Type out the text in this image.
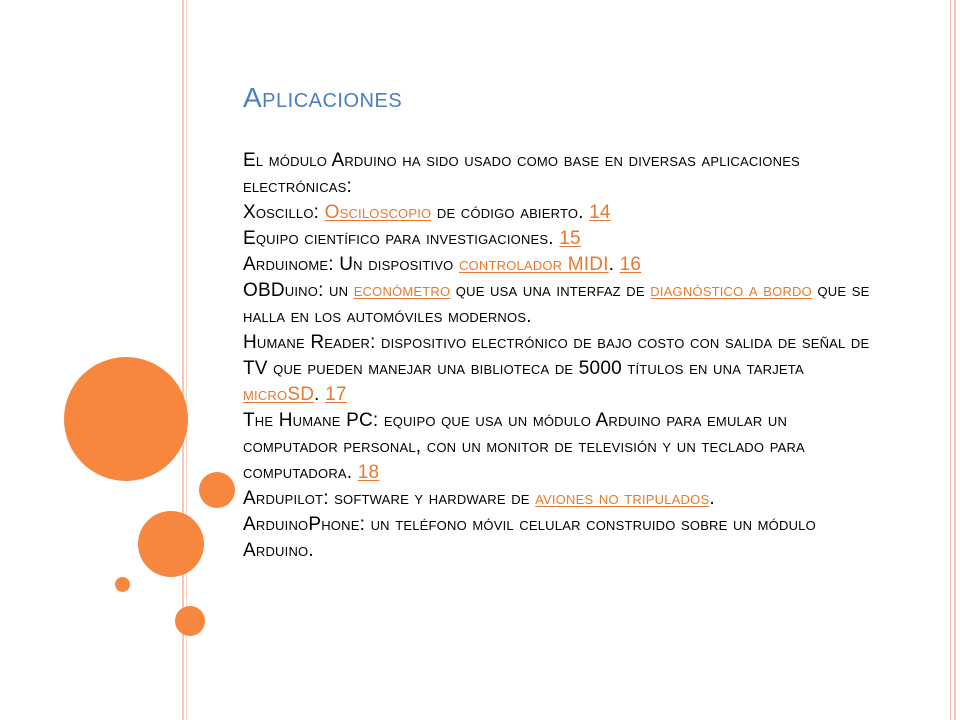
Aplicaciones

El módulo Arduino ha sido usado como base en diversas aplicaciones electrónicas:

Xoscillo: Osciloscopio de código abierto. 14

Equipo científico para investigaciones. 15

Arduinome: Un dispositivo controlador MIDI. 16

OBDuino: un económetro que usa una interfaz de diagnóstico a bordo que se halla en los automóviles modernos.

Humane Reader: dispositivo electrónico de bajo costo con salida de señal de TV que pueden manejar una biblioteca de 5000 títulos en una tarjeta microSD. 17

The Humane PC: equipo que usa un módulo Arduino para emular un computador personal, con un monitor de televisión y un teclado para computadora. 18

Ardupilot: software y hardware de aviones no tripulados.

ArduinoPhone: un teléfono móvil celular construido sobre un módulo Arduino.
